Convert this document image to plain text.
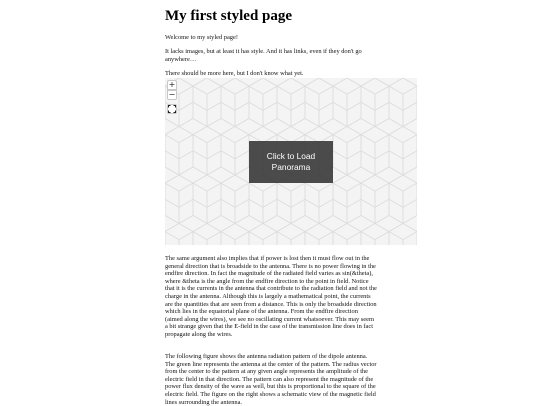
My first styled page

Welcome to my styled page!

It lacks images, but at least it has style. And it has links, even if they don't go anywhere…

There should be more here, but I don't know what yet.

+
−
Click to Load Panorama

The same argument also implies that if power is lost then it must flow out in the general direction that is broadside to the antenna. There is no power flowing in the endfire direction. In fact the magnitude of the radiated field varies as sin(&theta), where &theta is the angle from the endfire direction to the point in field. Notice that it is the currents in the antenna that contribute to the radiation field and not the charge in the antenna. Although this is largely a mathematical point, the currents are the quantities that are seen from a distance. This is only the broadside direction which lies in the equatorial plane of the antenna. From the endfire direction (aimed along the wires), we see no oscillating current whatsoever. This may seem a bit strange given that the E-field in the case of the transmission line does in fact propagate along the wires.

The following figure shows the antenna radiation pattern of the dipole antenna. The green line represents the antenna at the center of the pattern. The radius vector from the center to the pattern at any given angle represents the amplitude of the electric field in that direction. The pattern can also represent the magnitude of the power flux density of the wave as well, but this is proportional to the square of the electric field. The figure on the right shows a schematic view of the magnetic field lines surrounding the antenna.
